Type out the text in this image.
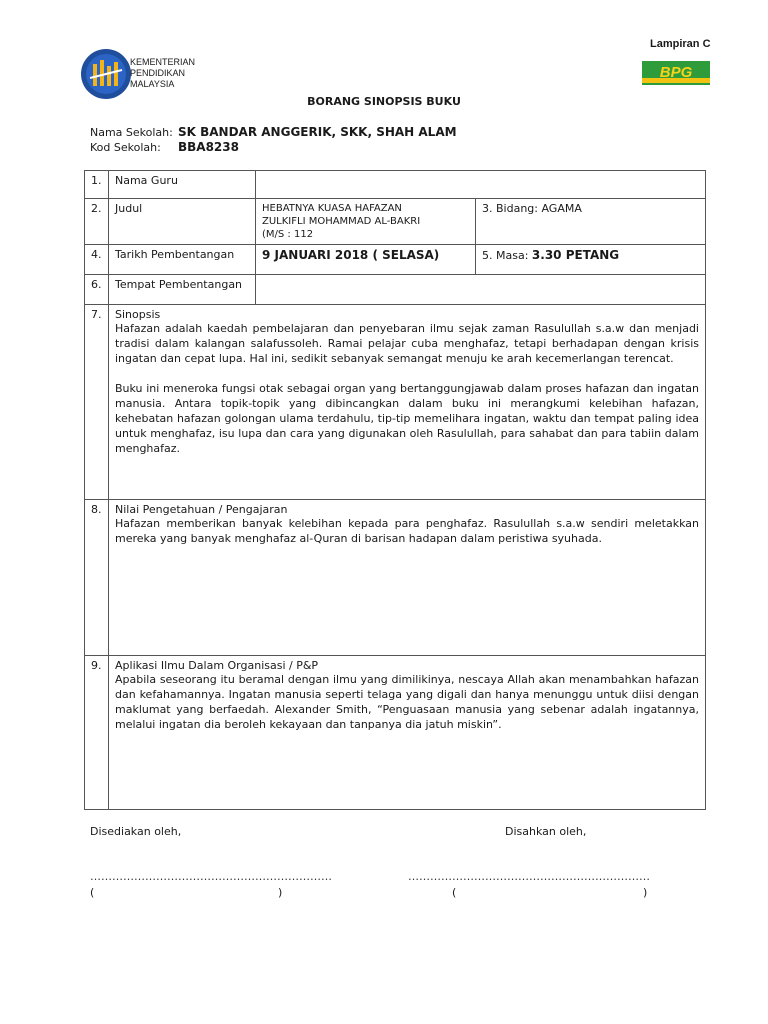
Lampiran C
KEMENTERIAN
PENDIDIKAN
MALAYSIA
BPG
BORANG SINOPSIS BUKU
Nama Sekolah: SK BANDAR ANGGERIK, SKK, SHAH ALAM
Kod Sekolah: BBA8238
1.	Nama Guru		
2.	Judul	HEBATNYA KUASA HAFAZAN
ZULKIFLI MOHAMMAD AL-BAKRI
(M/S : 112	3. Bidang: AGAMA
4.	Tarikh Pembentangan	9 JANUARI 2018 ( SELASA)	5. Masa: 3.30 PETANG
6.	Tempat Pembentangan		
7.	Sinopsis

Hafazan adalah kaedah pembelajaran dan penyebaran ilmu sejak zaman Rasulullah s.a.w dan menjadi tradisi dalam kalangan salafussoleh. Ramai pelajar cuba menghafaz, tetapi berhadapan dengan krisis ingatan dan cepat lupa. Hal ini, sedikit sebanyak semangat menuju ke arah kecemerlangan terencat.

Buku ini meneroka fungsi otak sebagai organ yang bertanggungjawab dalam proses hafazan dan ingatan manusia. Antara topik-topik yang dibincangkan dalam buku ini merangkumi kelebihan hafazan, kehebatan hafazan golongan ulama terdahulu, tip-tip memelihara ingatan, waktu dan tempat paling idea untuk menghafaz, isu lupa dan cara yang digunakan oleh Rasulullah, para sahabat dan para tabiin dalam menghafaz.		

8.	Nilai Pengetahuan / Pengajaran

Hafazan memberikan banyak kelebihan kepada para penghafaz. Rasulullah s.a.w sendiri meletakkan mereka yang banyak menghafaz al-Quran di barisan hadapan dalam peristiwa syuhada.		

9.	Aplikasi Ilmu Dalam Organisasi / P&P

Apabila seseorang itu beramal dengan ilmu yang dimilikinya, nescaya Allah akan menambahkan hafazan dan kefahamannya. Ingatan manusia seperti telaga yang digali dan hanya menunggu untuk diisi dengan maklumat yang berfaedah. Alexander Smith, “Penguasaan manusia yang sebenar adalah ingatannya, melalui ingatan dia beroleh kekayaan dan tanpanya dia jatuh miskin”.		

Disediakan oleh,	Disahkan oleh,
…………………………………………………………
(	)
…………………………………………………………
(	)
